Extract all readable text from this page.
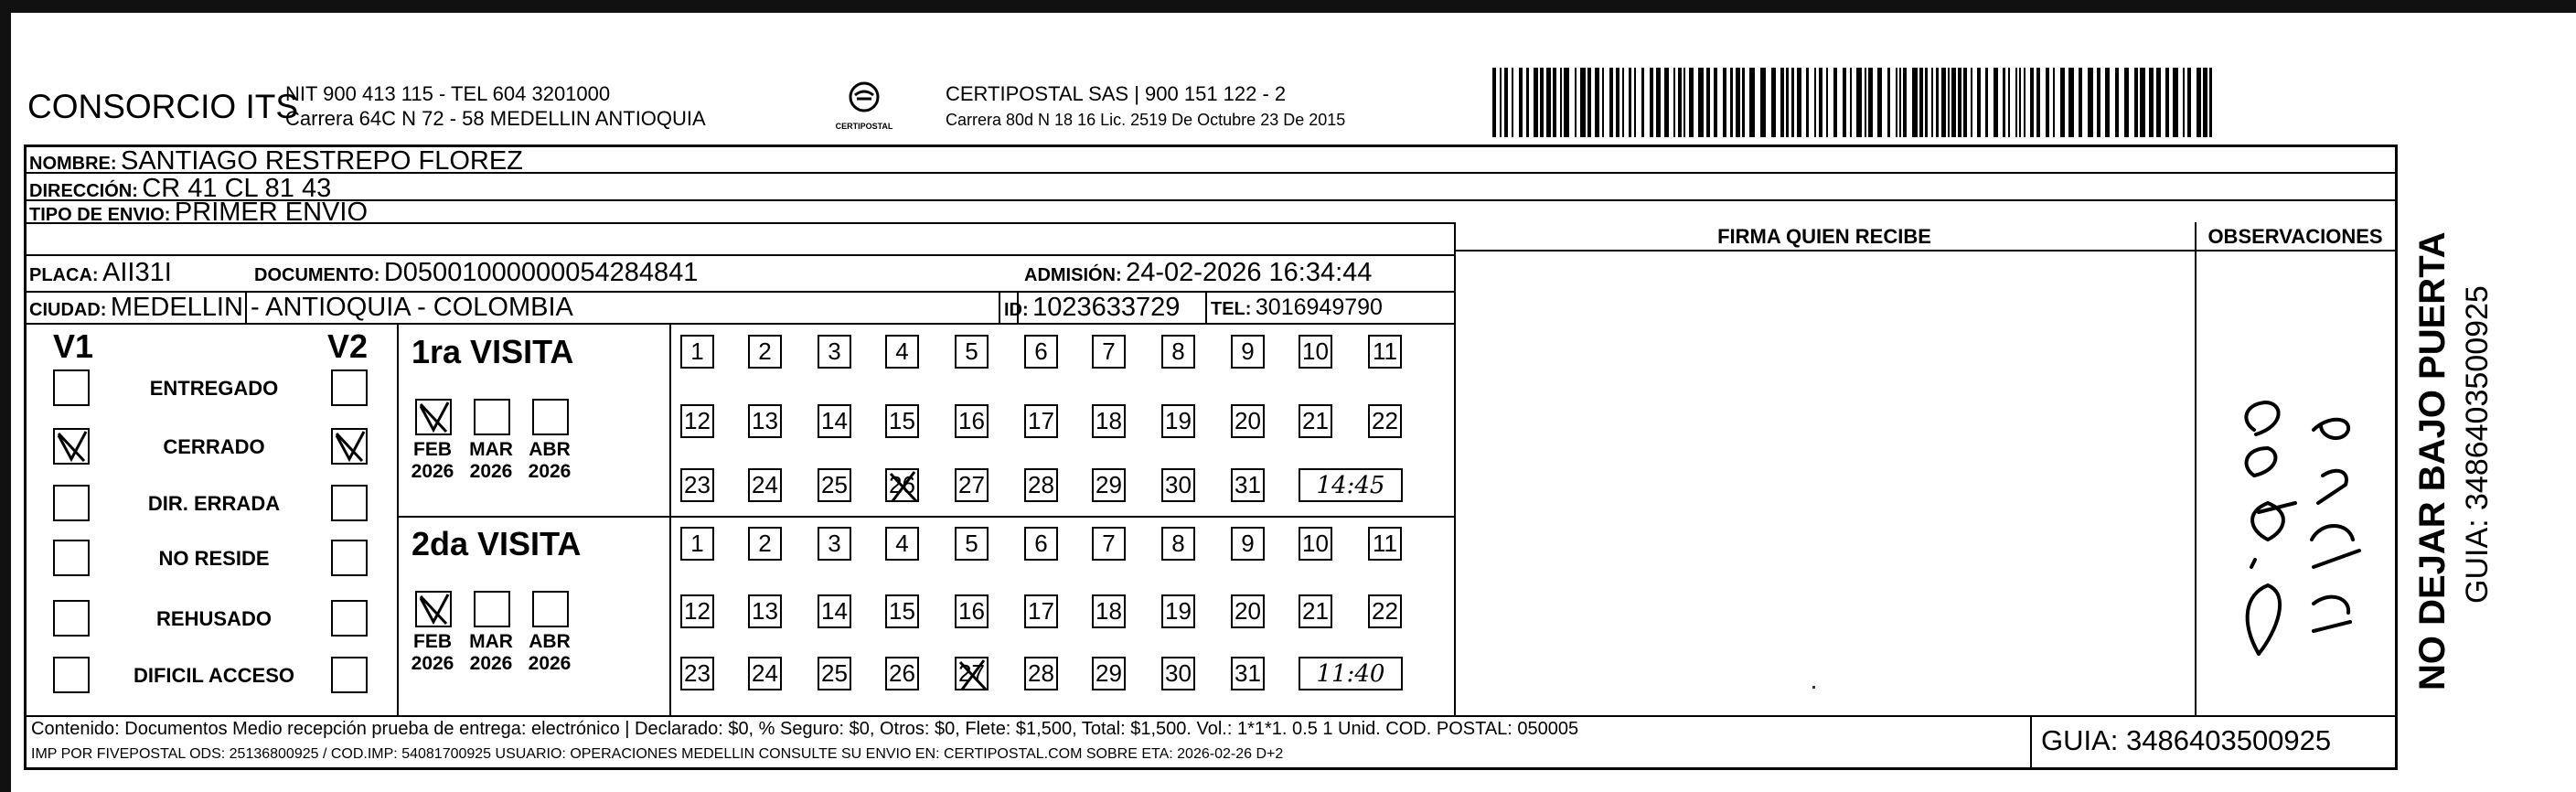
CONSORCIO ITS
NIT 900 413 115 - TEL 604 3201000
Carrera 64C N 72 - 58 MEDELLIN ANTIOQUIA	CERTIPOSTAL
CERTIPOSTAL SAS | 900 151 122 - 2
Carrera 80d N 18 16 Lic. 2519 De Octubre 23 De 2015
NOMBRE: SANTIAGO RESTREPO FLOREZ
DIRECCIÓN: CR 41 CL 81 43
TIPO DE ENVIO: PRIMER ENVIO
PLACA: AII31I	DOCUMENTO: D05001000000054284841	ADMISIÓN: 24-02-2026 16:34:44
CIUDAD: MEDELLIN - ANTIOQUIA - COLOMBIA	ID: 1023633729 TEL: 3016949790
FIRMA QUIEN RECIBE	OBSERVACIONES
V1	V2
ENTREGADO
CERRADO
DIR. ERRADA
NO RESIDE
REHUSADO
DIFICIL ACCESO
1ra VISITA
2da VISITA
FEB
2026
MAR
2026
ABR
2026
FEB
2026
MAR
2026
ABR
2026
1	2	3	4	5	6	7	8	9	10 11
12 13 14 15 16 17 18 19 20 21 22
23 24 25 26 27 28 29 30 31	14:45
1	2	3	4	5	6	7	8	9	10 11
12 13 14 15 16 17 18 19 20 21 22
23 24 25 26 27 28 29 30 31	11:40
Contenido: Documentos Medio recepción prueba de entrega: electrónico | Declarado: $0, % Seguro: $0, Otros: $0, Flete: $1,500, Total: $1,500. Vol.: 1*1*1. 0.5 1 Unid. COD. POSTAL: 050005
IMP POR FIVEPOSTAL ODS: 25136800925 / COD.IMP: 54081700925 USUARIO: OPERACIONES MEDELLIN CONSULTE SU ENVIO EN: CERTIPOSTAL.COM SOBRE ETA: 2026-02-26 D+2	GUIA: 3486403500925
NO DEJAR BAJO PUERTA GUIA: 3486403500925
